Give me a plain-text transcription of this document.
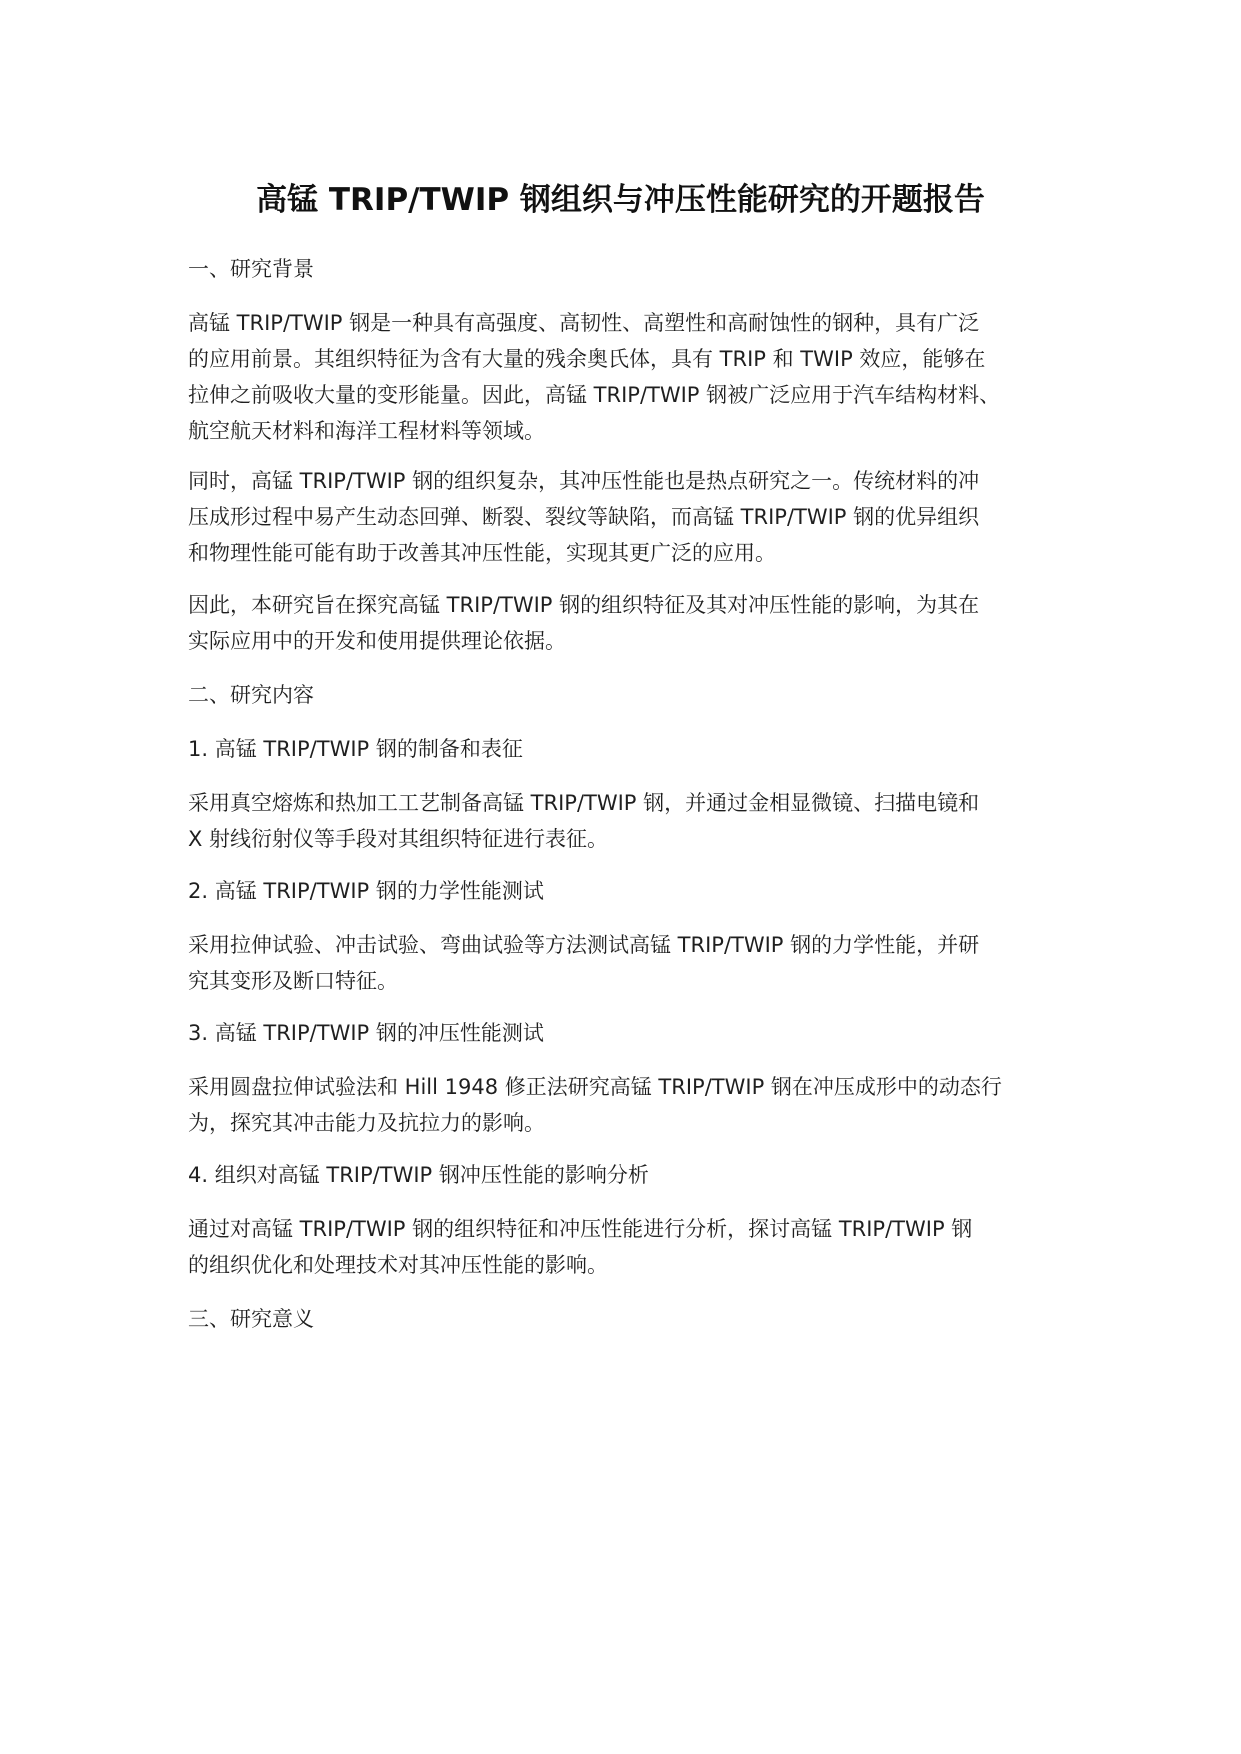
高锰 TRIP/TWIP 钢组织与冲压性能研究的开题报告
一、研究背景
高锰 TRIP/TWIP 钢是一种具有高强度、高韧性、高塑性和高耐蚀性的钢种，具有广泛
的应用前景。其组织特征为含有大量的残余奥氏体，具有 TRIP 和 TWIP 效应，能够在
拉伸之前吸收大量的变形能量。因此，高锰 TRIP/TWIP 钢被广泛应用于汽车结构材料、
航空航天材料和海洋工程材料等领域。
同时，高锰 TRIP/TWIP 钢的组织复杂，其冲压性能也是热点研究之一。传统材料的冲
压成形过程中易产生动态回弹、断裂、裂纹等缺陷，而高锰 TRIP/TWIP 钢的优异组织
和物理性能可能有助于改善其冲压性能，实现其更广泛的应用。
因此，本研究旨在探究高锰 TRIP/TWIP 钢的组织特征及其对冲压性能的影响，为其在
实际应用中的开发和使用提供理论依据。
二、研究内容
1. 高锰 TRIP/TWIP 钢的制备和表征
采用真空熔炼和热加工工艺制备高锰 TRIP/TWIP 钢，并通过金相显微镜、扫描电镜和
X 射线衍射仪等手段对其组织特征进行表征。
2. 高锰 TRIP/TWIP 钢的力学性能测试
采用拉伸试验、冲击试验、弯曲试验等方法测试高锰 TRIP/TWIP 钢的力学性能，并研
究其变形及断口特征。
3. 高锰 TRIP/TWIP 钢的冲压性能测试
采用圆盘拉伸试验法和 Hill 1948 修正法研究高锰 TRIP/TWIP 钢在冲压成形中的动态行
为，探究其冲击能力及抗拉力的影响。
4. 组织对高锰 TRIP/TWIP 钢冲压性能的影响分析
通过对高锰 TRIP/TWIP 钢的组织特征和冲压性能进行分析，探讨高锰 TRIP/TWIP 钢
的组织优化和处理技术对其冲压性能的影响。
三、研究意义
